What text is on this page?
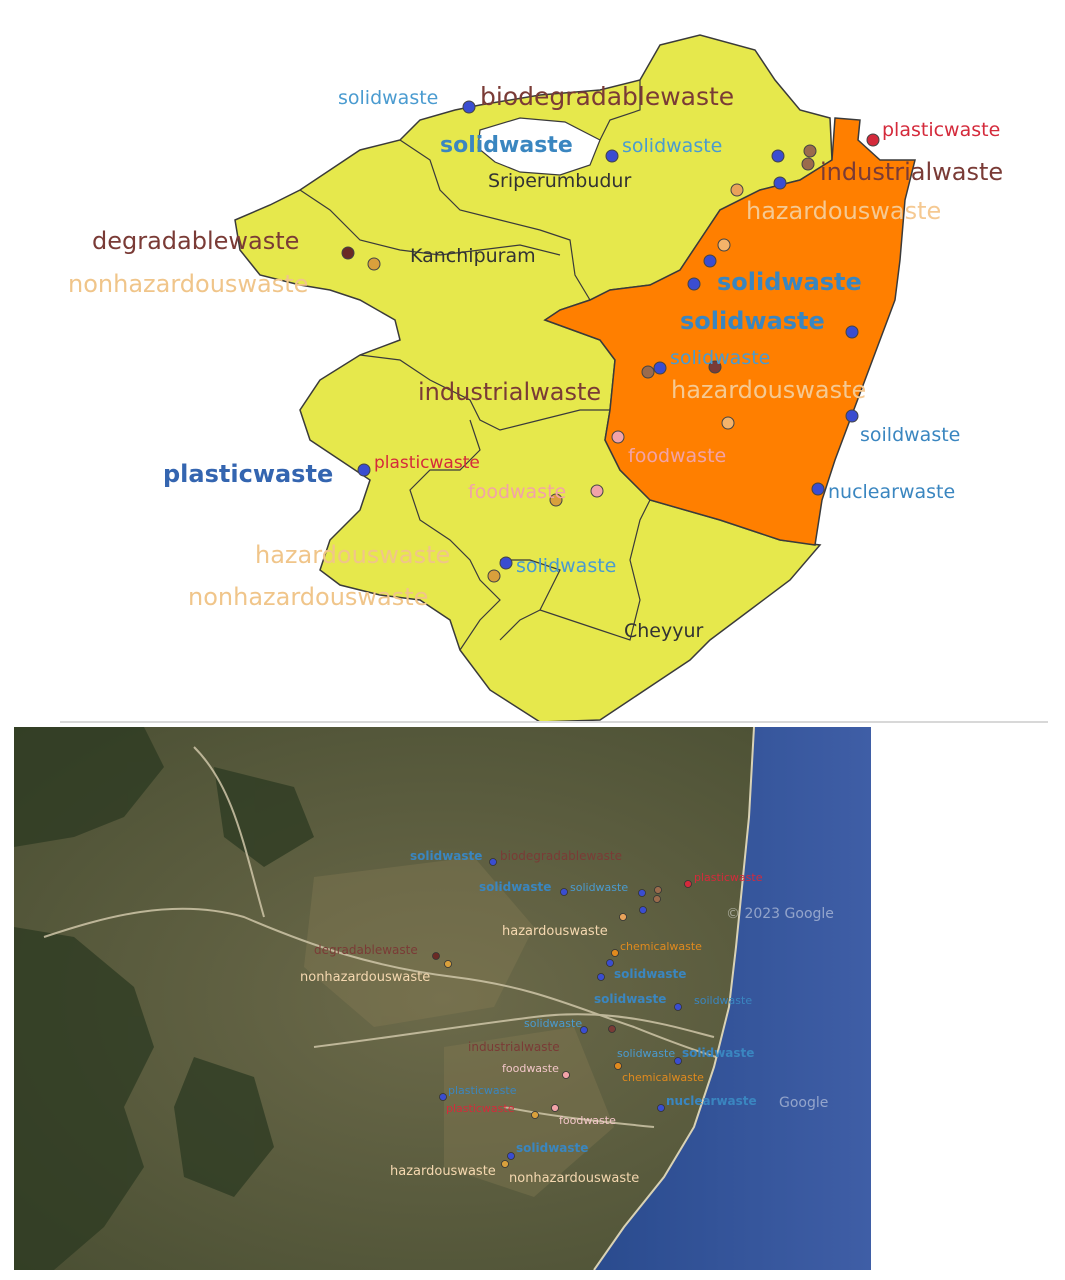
Sriperumbudur
Kanchipuram
Cheyyur
solidwaste biodegradablewaste
solidwaste	solidwaste
plasticwaste
industrialwaste
hazardouswaste
degradablewaste
nonhazardouswaste	solidwaste
solidwaste
solidwaste
industrialwaste	hazardouswaste
soildwaste
foodwaste
plasticwaste plasticwaste
foodwaste	nuclearwaste
hazardouswaste	solidwaste
nonhazardouswaste
© 2023 Google
Google
solidwaste biodegradablewaste
solidwaste solidwaste
plasticwaste
hazardouswaste
chemicalwaste
degradablewaste
nonhazardouswaste	solidwaste
solidwaste
solidwaste
solidwaste
soildwaste
industrialwaste
foodwaste
solidwaste
chemicalwaste
plasticwaste
plasticwaste
foodwaste
nuclearwaste
solidwaste
hazardouswaste nonhazardouswaste
